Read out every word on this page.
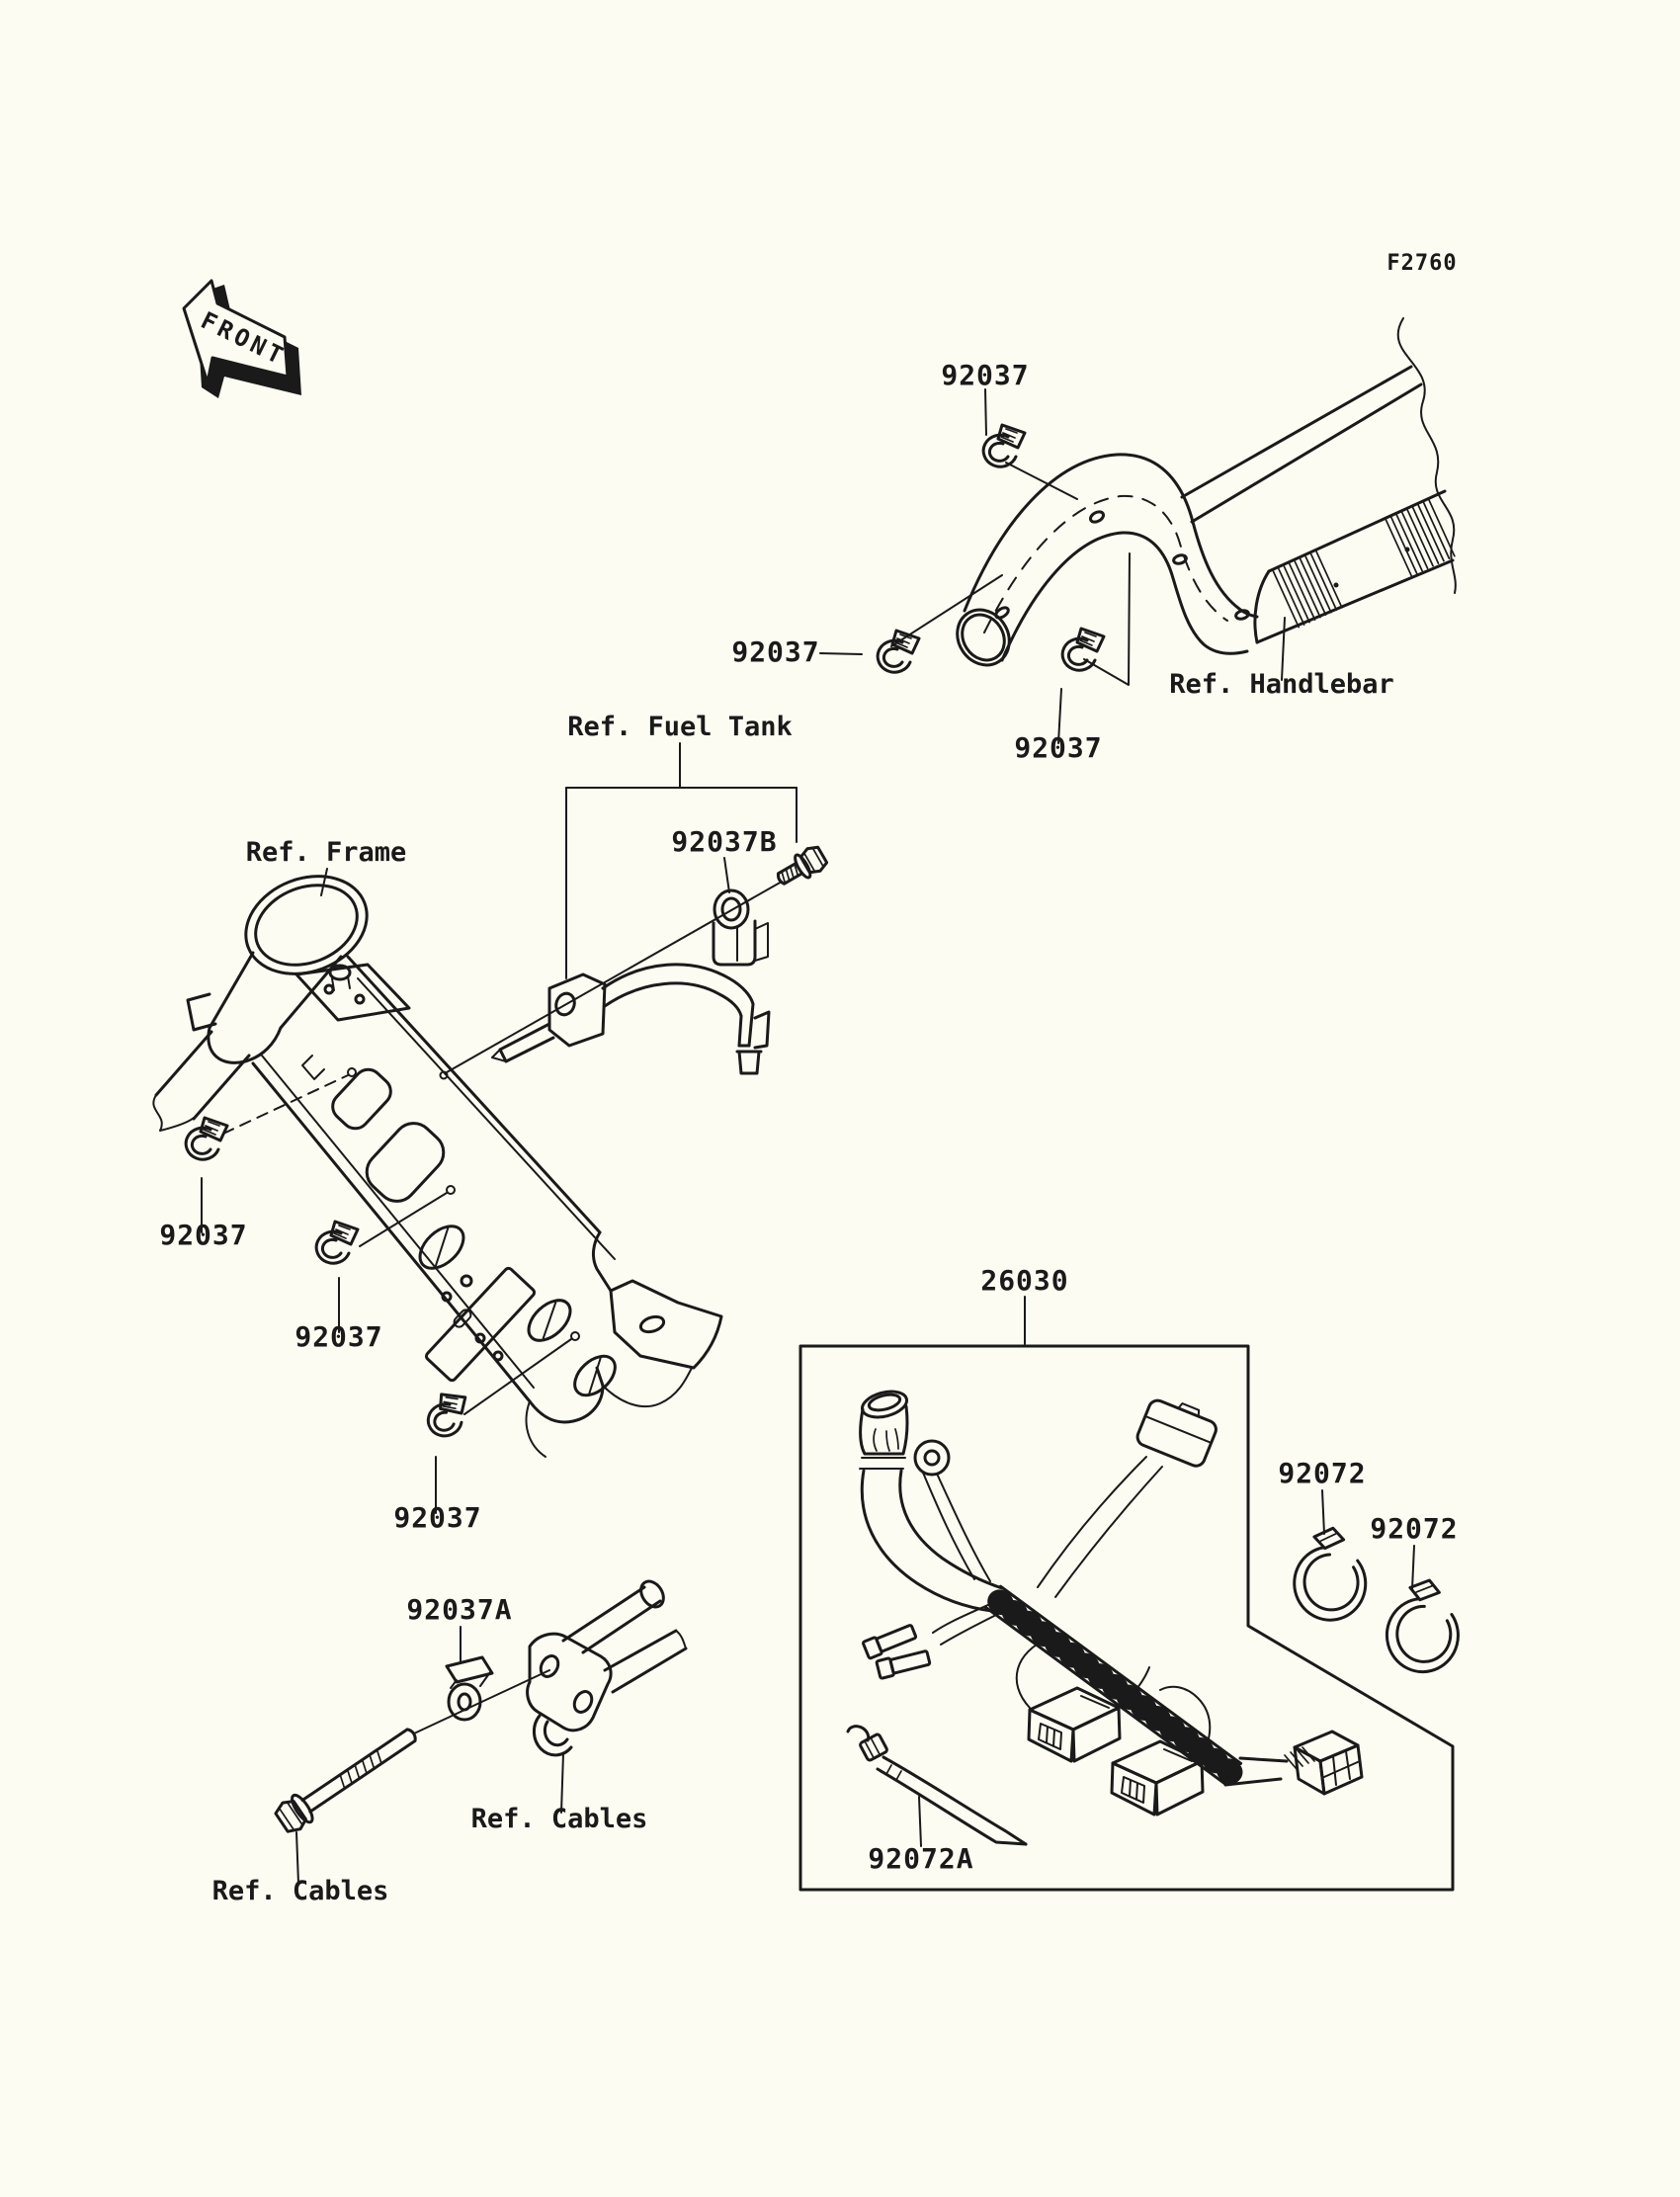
FRONT
F2760
92037
92037
92037
Ref. Handlebar
Ref. Fuel Tank
92037B
Ref. Frame
92037
92037
92037
92037A
Ref. Cables
Ref. Cables
26030
92072
92072
92072A
